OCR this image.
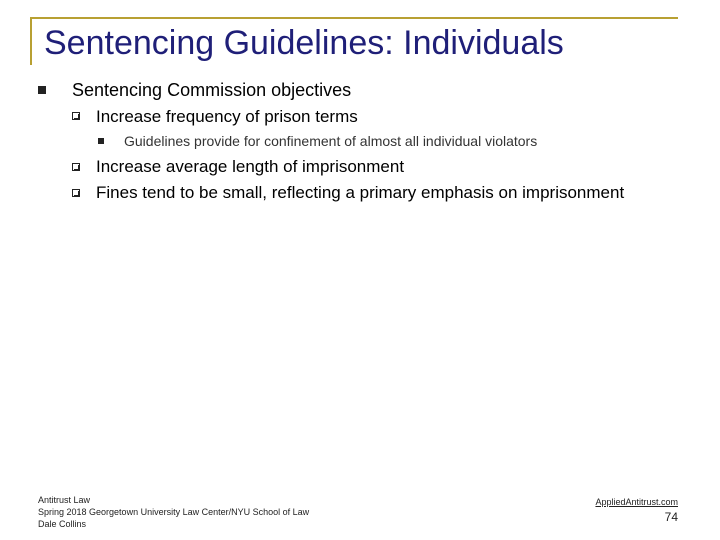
Sentencing Guidelines: Individuals
Sentencing Commission objectives
Increase frequency of prison terms
Guidelines provide for confinement of almost all individual violators
Increase average length of imprisonment
Fines tend to be small, reflecting a primary emphasis on imprisonment
Antitrust Law
Spring 2018 Georgetown University Law Center/NYU School of Law
Dale Collins
AppliedAntitrust.com
74
